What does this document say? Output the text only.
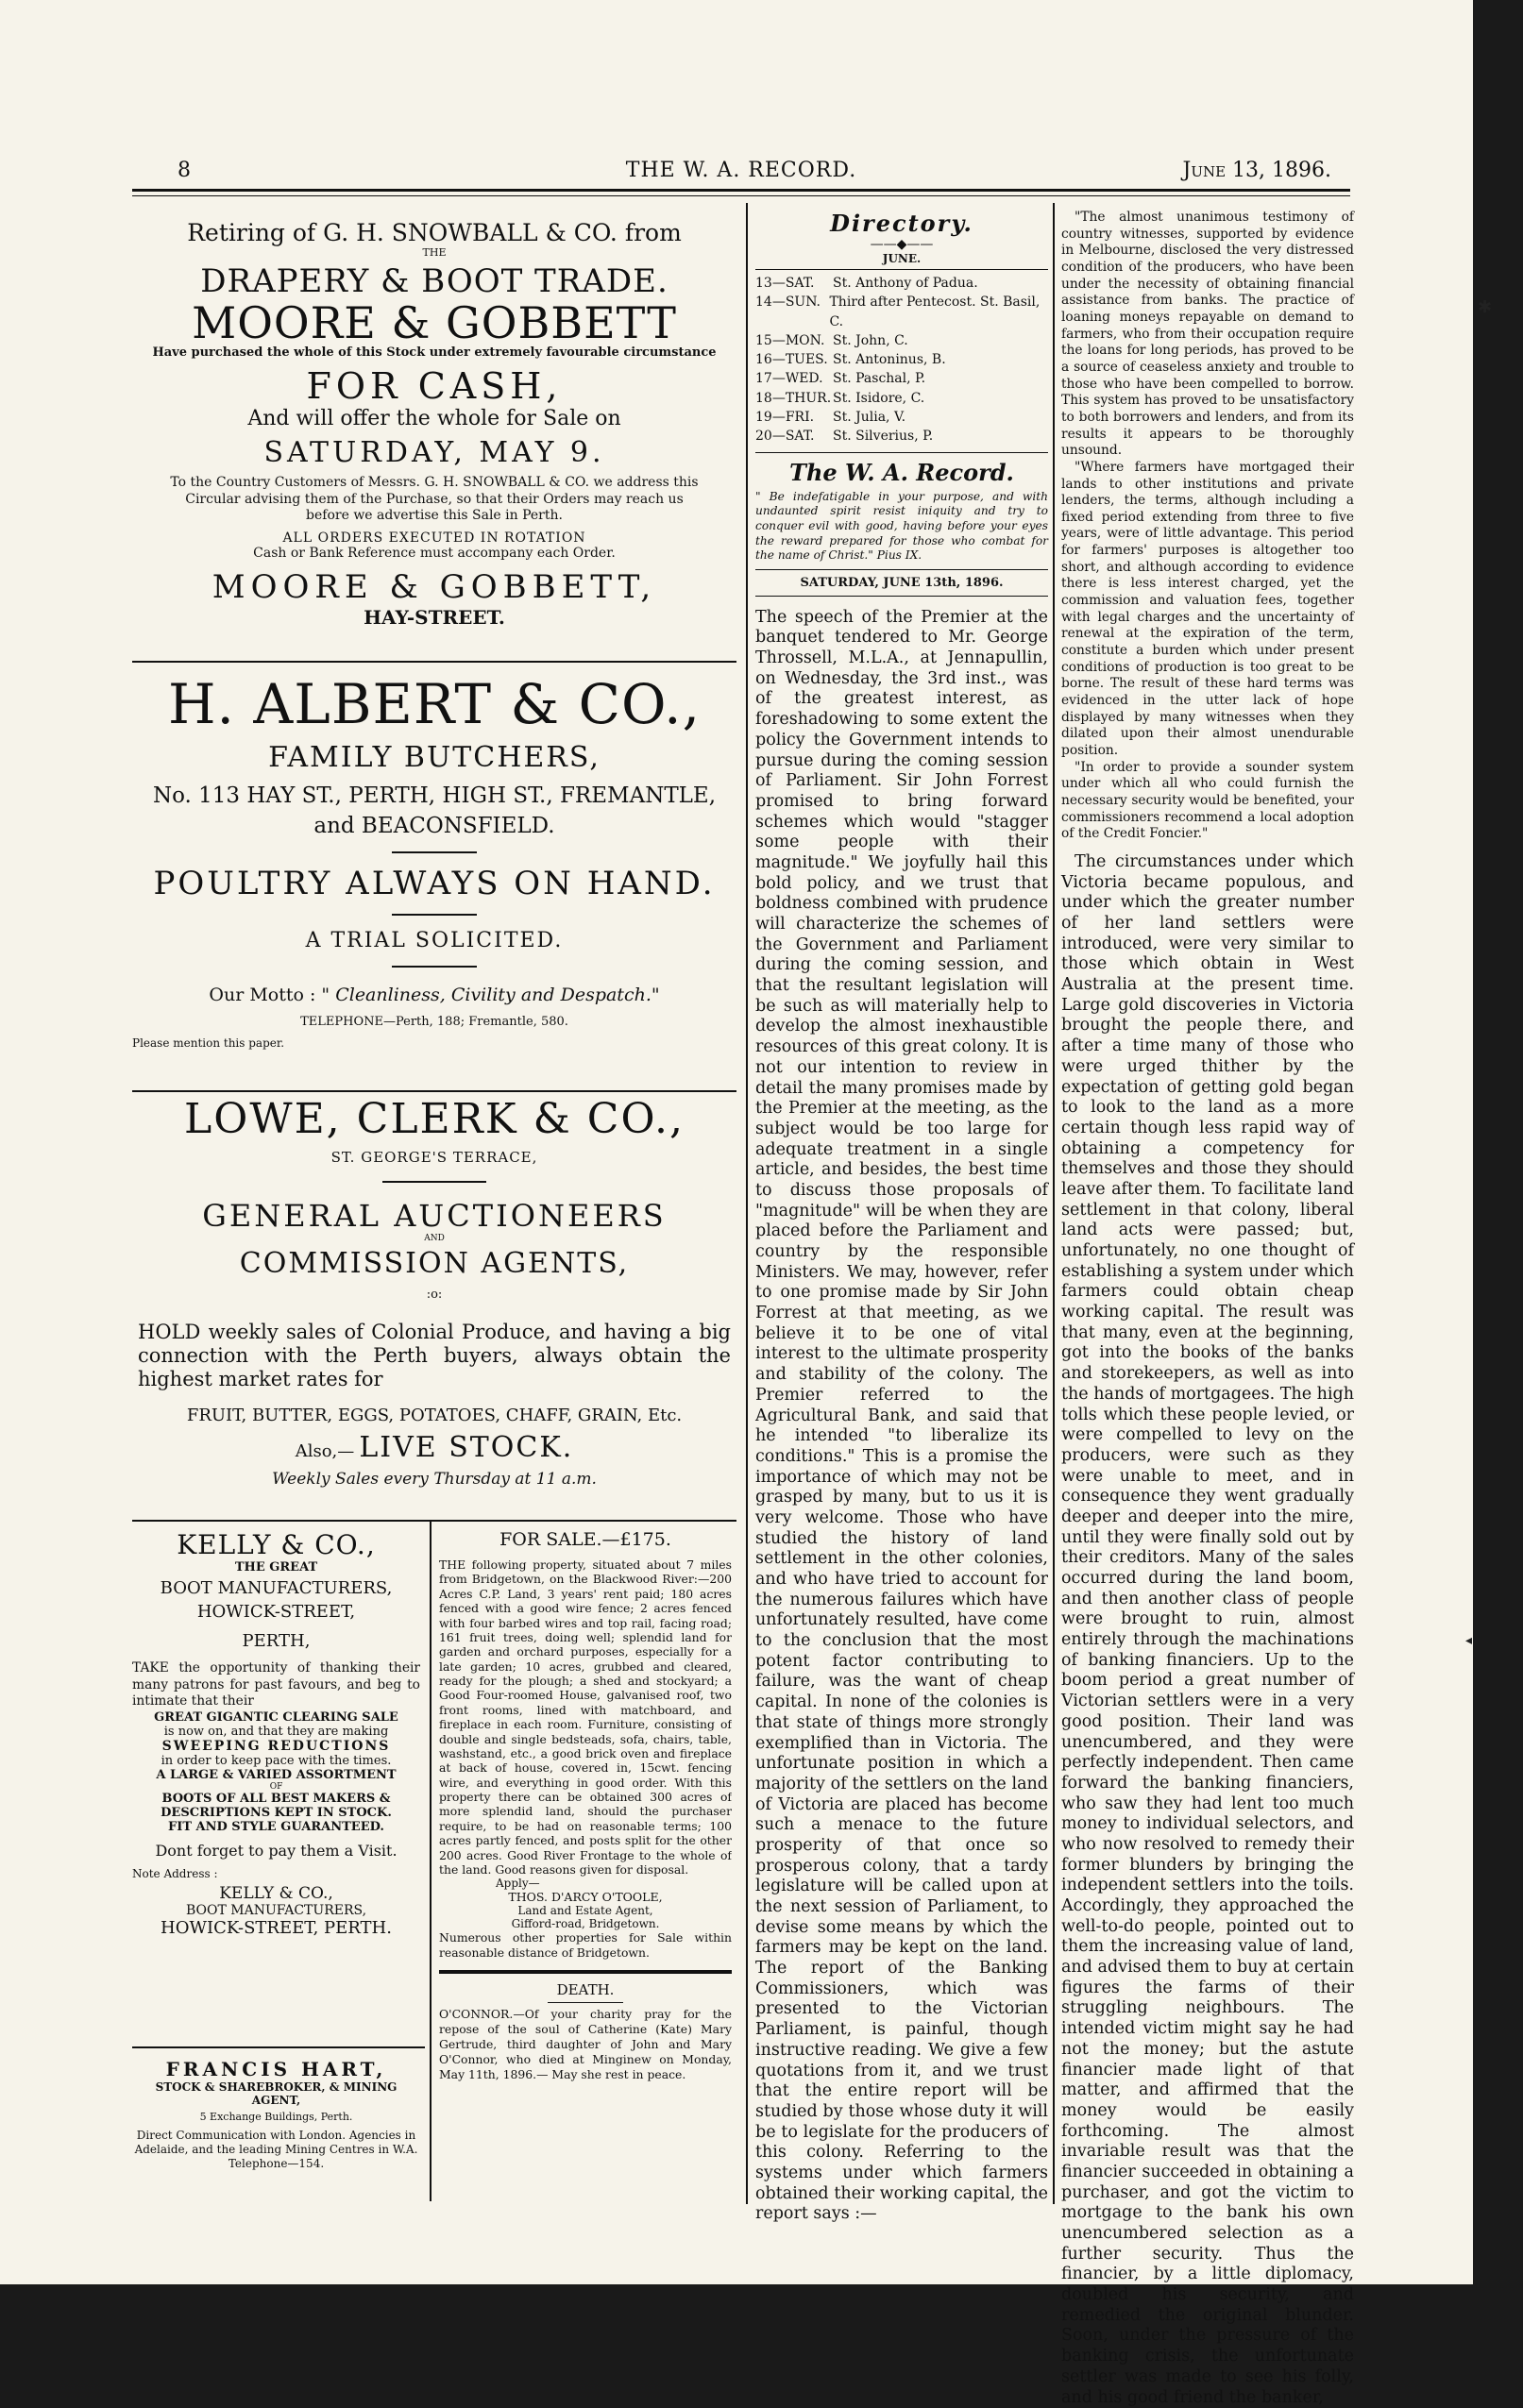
✱
8	THE W. A. RECORD.	June 13, 1896.
Retiring of G. H. SNOWBALL & CO. from
THE
DRAPERY & BOOT TRADE.
MOORE & GOBBETT
Have purchased the whole of this Stock under extremely favourable circumstance
FOR CASH,
And will offer the whole for Sale on
SATURDAY, MAY 9.
To the Country Customers of Messrs. G. H. SNOWBALL & CO. we address this Circular advising them of the Purchase, so that their Orders may reach us before we advertise this Sale in Perth.
ALL ORDERS EXECUTED IN ROTATION
Cash or Bank Reference must accompany each Order.
MOORE & GOBBETT,
HAY-STREET.
H. ALBERT & CO.,
FAMILY BUTCHERS,
No. 113 HAY ST., PERTH, HIGH ST., FREMANTLE,
and BEACONSFIELD.
POULTRY ALWAYS ON HAND.
A TRIAL SOLICITED.
Our Motto : " Cleanliness, Civility and Despatch."
TELEPHONE—Perth, 188; Fremantle, 580.
Please mention this paper.
LOWE, CLERK & CO.,
ST. GEORGE'S TERRACE,
GENERAL AUCTIONEERS
AND
COMMISSION AGENTS,
:o:
HOLD weekly sales of Colonial Produce, and having a big connection with the Perth buyers, always obtain the highest market rates for
FRUIT, BUTTER, EGGS, POTATOES, CHAFF, GRAIN, Etc.
Also,— LIVE STOCK.
Weekly Sales every Thursday at 11 a.m.
KELLY & CO.,
THE GREAT
BOOT MANUFACTURERS,
HOWICK-STREET,
PERTH,
TAKE the opportunity of thanking their many patrons for past favours, and beg to intimate that their
GREAT GIGANTIC CLEARING SALE
is now on, and that they are making
SWEEPING REDUCTIONS
in order to keep pace with the times.
A LARGE & VARIED ASSORTMENT
OF
BOOTS OF ALL BEST MAKERS & DESCRIPTIONS KEPT IN STOCK.
FIT AND STYLE GUARANTEED.
Dont forget to pay them a Visit.
Note Address :
KELLY & CO.,
BOOT MANUFACTURERS,
HOWICK-STREET, PERTH.
FRANCIS HART,
STOCK & SHAREBROKER, & MINING AGENT,
5 Exchange Buildings, Perth.
Direct Communication with London. Agencies in Adelaide, and the leading Mining Centres in W.A. Telephone—154.
FOR SALE.—£175.
THE following property, situated about 7 miles from Bridgetown, on the Blackwood River:—200 Acres C.P. Land, 3 years' rent paid; 180 acres fenced with a good wire fence; 2 acres fenced with four barbed wires and top rail, facing road; 161 fruit trees, doing well; splendid land for garden and orchard purposes, especially for a late garden; 10 acres, grubbed and cleared, ready for the plough; a shed and stockyard; a Good Four-roomed House, galvanised roof, two front rooms, lined with matchboard, and fireplace in each room. Furniture, consisting of double and single bedsteads, sofa, chairs, table, washstand, etc., a good brick oven and fireplace at back of house, covered in, 15cwt. fencing wire, and everything in good order. With this property there can be obtained 300 acres of more splendid land, should the purchaser require, to be had on reasonable terms; 100 acres partly fenced, and posts split for the other 200 acres. Good River Frontage to the whole of the land. Good reasons given for disposal.
Apply—
THOS. D'ARCY O'TOOLE,
Land and Estate Agent,
Gifford-road, Bridgetown.
Numerous other properties for Sale within reasonable distance of Bridgetown.
DEATH.
O'CONNOR.—Of your charity pray for the repose of the soul of Catherine (Kate) Mary Gertrude, third daughter of John and Mary O'Connor, who died at Minginew on Monday, May 11th, 1896.— May she rest in peace.
Directory.
——◆——
JUNE.
13—SAT.	St. Anthony of Padua.
14—SUN. Third after Pentecost. St. Basil, C.
15—MON. St. John, C.
16—TUES. St. Antoninus, B.
17—WED. St. Paschal, P.
18—THUR. St. Isidore, C.
19—FRI.	St. Julia, V.
20—SAT.	St. Silverius, P.
The W. A. Record.
" Be indefatigable in your purpose, and with undaunted spirit resist iniquity and try to conquer evil with good, having before your eyes the reward prepared for those who combat for the name of Christ." Pius IX.
SATURDAY, JUNE 13th, 1896.
The speech of the Premier at the banquet tendered to Mr. George Throssell, M.L.A., at Jennapullin, on Wednesday, the 3rd inst., was of the greatest interest, as foreshadowing to some extent the policy the Government intends to pursue during the coming session of Parliament. Sir John Forrest promised to bring forward schemes which would "stagger some people with their magnitude." We joyfully hail this bold policy, and we trust that boldness combined with prudence will characterize the schemes of the Government and Parliament during the coming session, and that the resultant legislation will be such as will materially help to develop the almost inexhaustible resources of this great colony. It is not our intention to review in detail the many promises made by the Premier at the meeting, as the subject would be too large for adequate treatment in a single article, and besides, the best time to discuss those proposals of "magnitude" will be when they are placed before the Parliament and country by the responsible Ministers. We may, however, refer to one promise made by Sir John Forrest at that meeting, as we believe it to be one of vital interest to the ultimate prosperity and stability of the colony. The Premier referred to the Agricultural Bank, and said that he intended "to liberalize its conditions." This is a promise the importance of which may not be grasped by many, but to us it is very welcome. Those who have studied the history of land settlement in the other colonies, and who have tried to account for the numerous failures which have unfortunately resulted, have come to the conclusion that the most potent factor contributing to failure, was the want of cheap capital. In none of the colonies is that state of things more strongly exemplified than in Victoria. The unfortunate position in which a majority of the settlers on the land of Victoria are placed has become such a menace to the future prosperity of that once so prosperous colony, that a tardy legislature will be called upon at the next session of Parliament, to devise some means by which the farmers may be kept on the land. The report of the Banking Commissioners, which was presented to the Victorian Parliament, is painful, though instructive reading. We give a few quotations from it, and we trust that the entire report will be studied by those whose duty it will be to legislate for the producers of this colony. Referring to the systems under which farmers obtained their working capital, the report says :—
"The almost unanimous testimony of country witnesses, supported by evidence in Melbourne, disclosed the very distressed condition of the producers, who have been under the necessity of obtaining financial assistance from banks. The practice of loaning moneys repayable on demand to farmers, who from their occupation require the loans for long periods, has proved to be a source of ceaseless anxiety and trouble to those who have been compelled to borrow. This system has proved to be unsatisfactory to both borrowers and lenders, and from its results it appears to be thoroughly unsound.
"Where farmers have mortgaged their lands to other institutions and private lenders, the terms, although including a fixed period extending from three to five years, were of little advantage. This period for farmers' purposes is altogether too short, and although according to evidence there is less interest charged, yet the commission and valuation fees, together with legal charges and the uncertainty of renewal at the expiration of the term, constitute a burden which under present conditions of production is too great to be borne. The result of these hard terms was evidenced in the utter lack of hope displayed by many witnesses when they dilated upon their almost unendurable position.
"In order to provide a sounder system under which all who could furnish the necessary security would be benefited, your commissioners recommend a local adoption of the Credit Foncier."
The circumstances under which Victoria became populous, and under which the greater number of her land settlers were introduced, were very similar to those which obtain in West Australia at the present time. Large gold discoveries in Victoria brought the people there, and after a time many of those who were urged thither by the expectation of getting gold began to look to the land as a more certain though less rapid way of obtaining a competency for themselves and those they should leave after them. To facilitate land settlement in that colony, liberal land acts were passed; but, unfortunately, no one thought of establishing a system under which farmers could obtain cheap working capital. The result was that many, even at the beginning, got into the books of the banks and storekeepers, as well as into the hands of mortgagees. The high tolls which these people levied, or were compelled to levy on the producers, were such as they were unable to meet, and in consequence they went gradually deeper and deeper into the mire, until they were finally sold out by their creditors. Many of the sales occurred during the land boom, and then another class of people were brought to ruin, almost entirely through the machinations of banking financiers. Up to the boom period a great number of Victorian settlers were in a very good position. Their land was unencumbered, and they were perfectly independent. Then came forward the banking financiers, who saw they had lent too much money to individual selectors, and who now resolved to remedy their former blunders by bringing the independent settlers into the toils. Accordingly, they approached the well-to-do people, pointed out to them the increasing value of land, and advised them to buy at certain figures the farms of their struggling neighbours. The intended victim might say he had not the money; but the astute financier made light of that matter, and affirmed that the money would be easily forthcoming. The almost invariable result was that the financier succeeded in obtaining a purchaser, and got the victim to mortgage to the bank his own unencumbered selection as a further security. Thus the financier, by a little diplomacy, doubled his security, and remedied the original blunder. Soon, under the pressure of the banking crisis, the unfortunate settler was made to see his folly, and his good friend the banker,
◂
